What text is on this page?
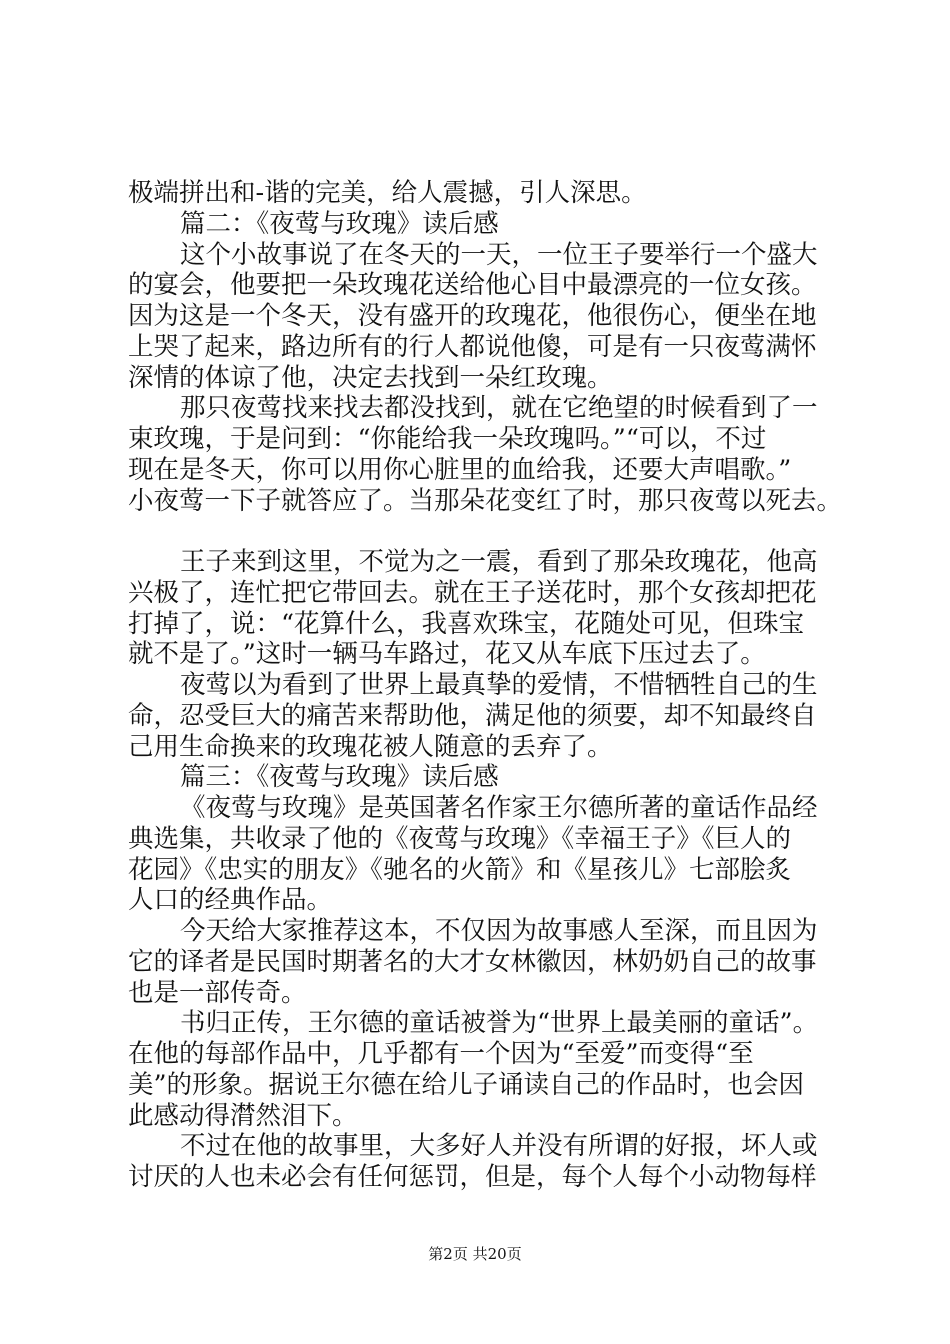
极端拼出和-谐的完美，给人震撼，引人深思。
篇二：《夜莺与玫瑰》读后感
这个小故事说了在冬天的一天，一位王子要举行一个盛大
的宴会，他要把一朵玫瑰花送给他心目中最漂亮的一位女孩。
因为这是一个冬天，没有盛开的玫瑰花，他很伤心，便坐在地
上哭了起来，路边所有的行人都说他傻，可是有一只夜莺满怀
深情的体谅了他，决定去找到一朵红玫瑰。
那只夜莺找来找去都没找到，就在它绝望的时候看到了一
束玫瑰，于是问到：“你能给我一朵玫瑰吗。”“可以，不过
现在是冬天，你可以用你心脏里的血给我，还要大声唱歌。”
小夜莺一下子就答应了。当那朵花变红了时，那只夜莺以死去。
王子来到这里，不觉为之一震，看到了那朵玫瑰花，他高
兴极了，连忙把它带回去。就在王子送花时，那个女孩却把花
打掉了，说：“花算什么，我喜欢珠宝，花随处可见，但珠宝
就不是了。”这时一辆马车路过，花又从车底下压过去了。
夜莺以为看到了世界上最真挚的爱情，不惜牺牲自己的生
命，忍受巨大的痛苦来帮助他，满足他的须要，却不知最终自
己用生命换来的玫瑰花被人随意的丢弃了。
篇三：《夜莺与玫瑰》读后感
《夜莺与玫瑰》是英国著名作家王尔德所著的童话作品经
典选集，共收录了他的《夜莺与玫瑰》《幸福王子》《巨人的
花园》《忠实的朋友》《驰名的火箭》和《星孩儿》七部脍炙
人口的经典作品。
今天给大家推荐这本，不仅因为故事感人至深，而且因为
它的译者是民国时期著名的大才女林徽因，林奶奶自己的故事
也是一部传奇。
书归正传，王尔德的童话被誉为“世界上最美丽的童话”。
在他的每部作品中，几乎都有一个因为“至爱”而变得“至
美”的形象。据说王尔德在给儿子诵读自己的作品时，也会因
此感动得潸然泪下。
不过在他的故事里，大多好人并没有所谓的好报，坏人或
讨厌的人也未必会有任何惩罚，但是，每个人每个小动物每样
第2页 共20页
